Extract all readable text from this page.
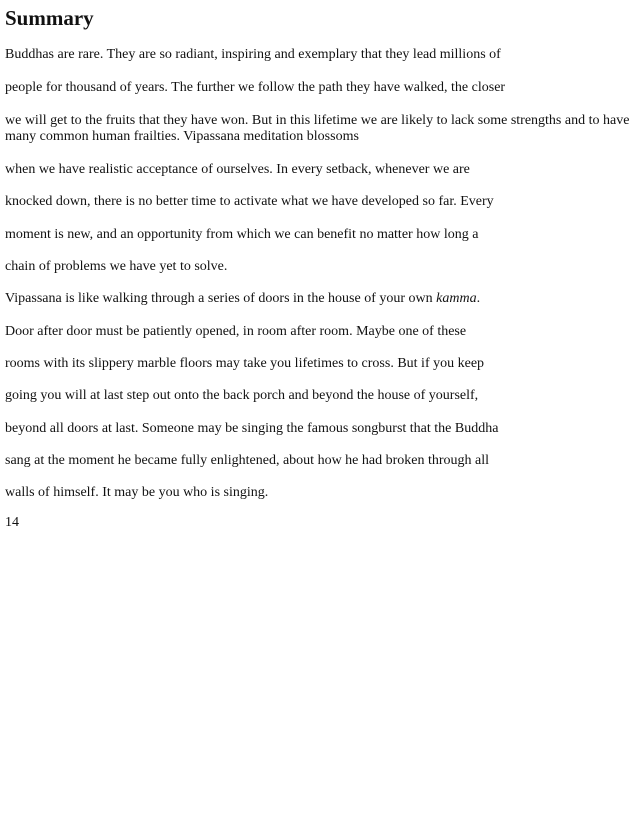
Summary
Buddhas are rare. They are so radiant, inspiring and exemplary that they lead millions of
people for thousand of years. The further we follow the path they have walked, the closer
we will get to the fruits that they have won. But in this lifetime we are likely to lack some strengths and to have many common human frailties. Vipassana meditation blossoms
when we have realistic acceptance of ourselves. In every setback, whenever we are
knocked down, there is no better time to activate what we have developed so far. Every
moment is new, and an opportunity from which we can benefit no matter how long a
chain of problems we have yet to solve.
Vipassana is like walking through a series of doors in the house of your own kamma.
Door after door must be patiently opened, in room after room. Maybe one of these
rooms with its slippery marble floors may take you lifetimes to cross. But if you keep
going you will at last step out onto the back porch and beyond the house of yourself,
beyond all doors at last. Someone may be singing the famous songburst that the Buddha
sang at the moment he became fully enlightened, about how he had broken through all
walls of himself. It may be you who is singing.
14
